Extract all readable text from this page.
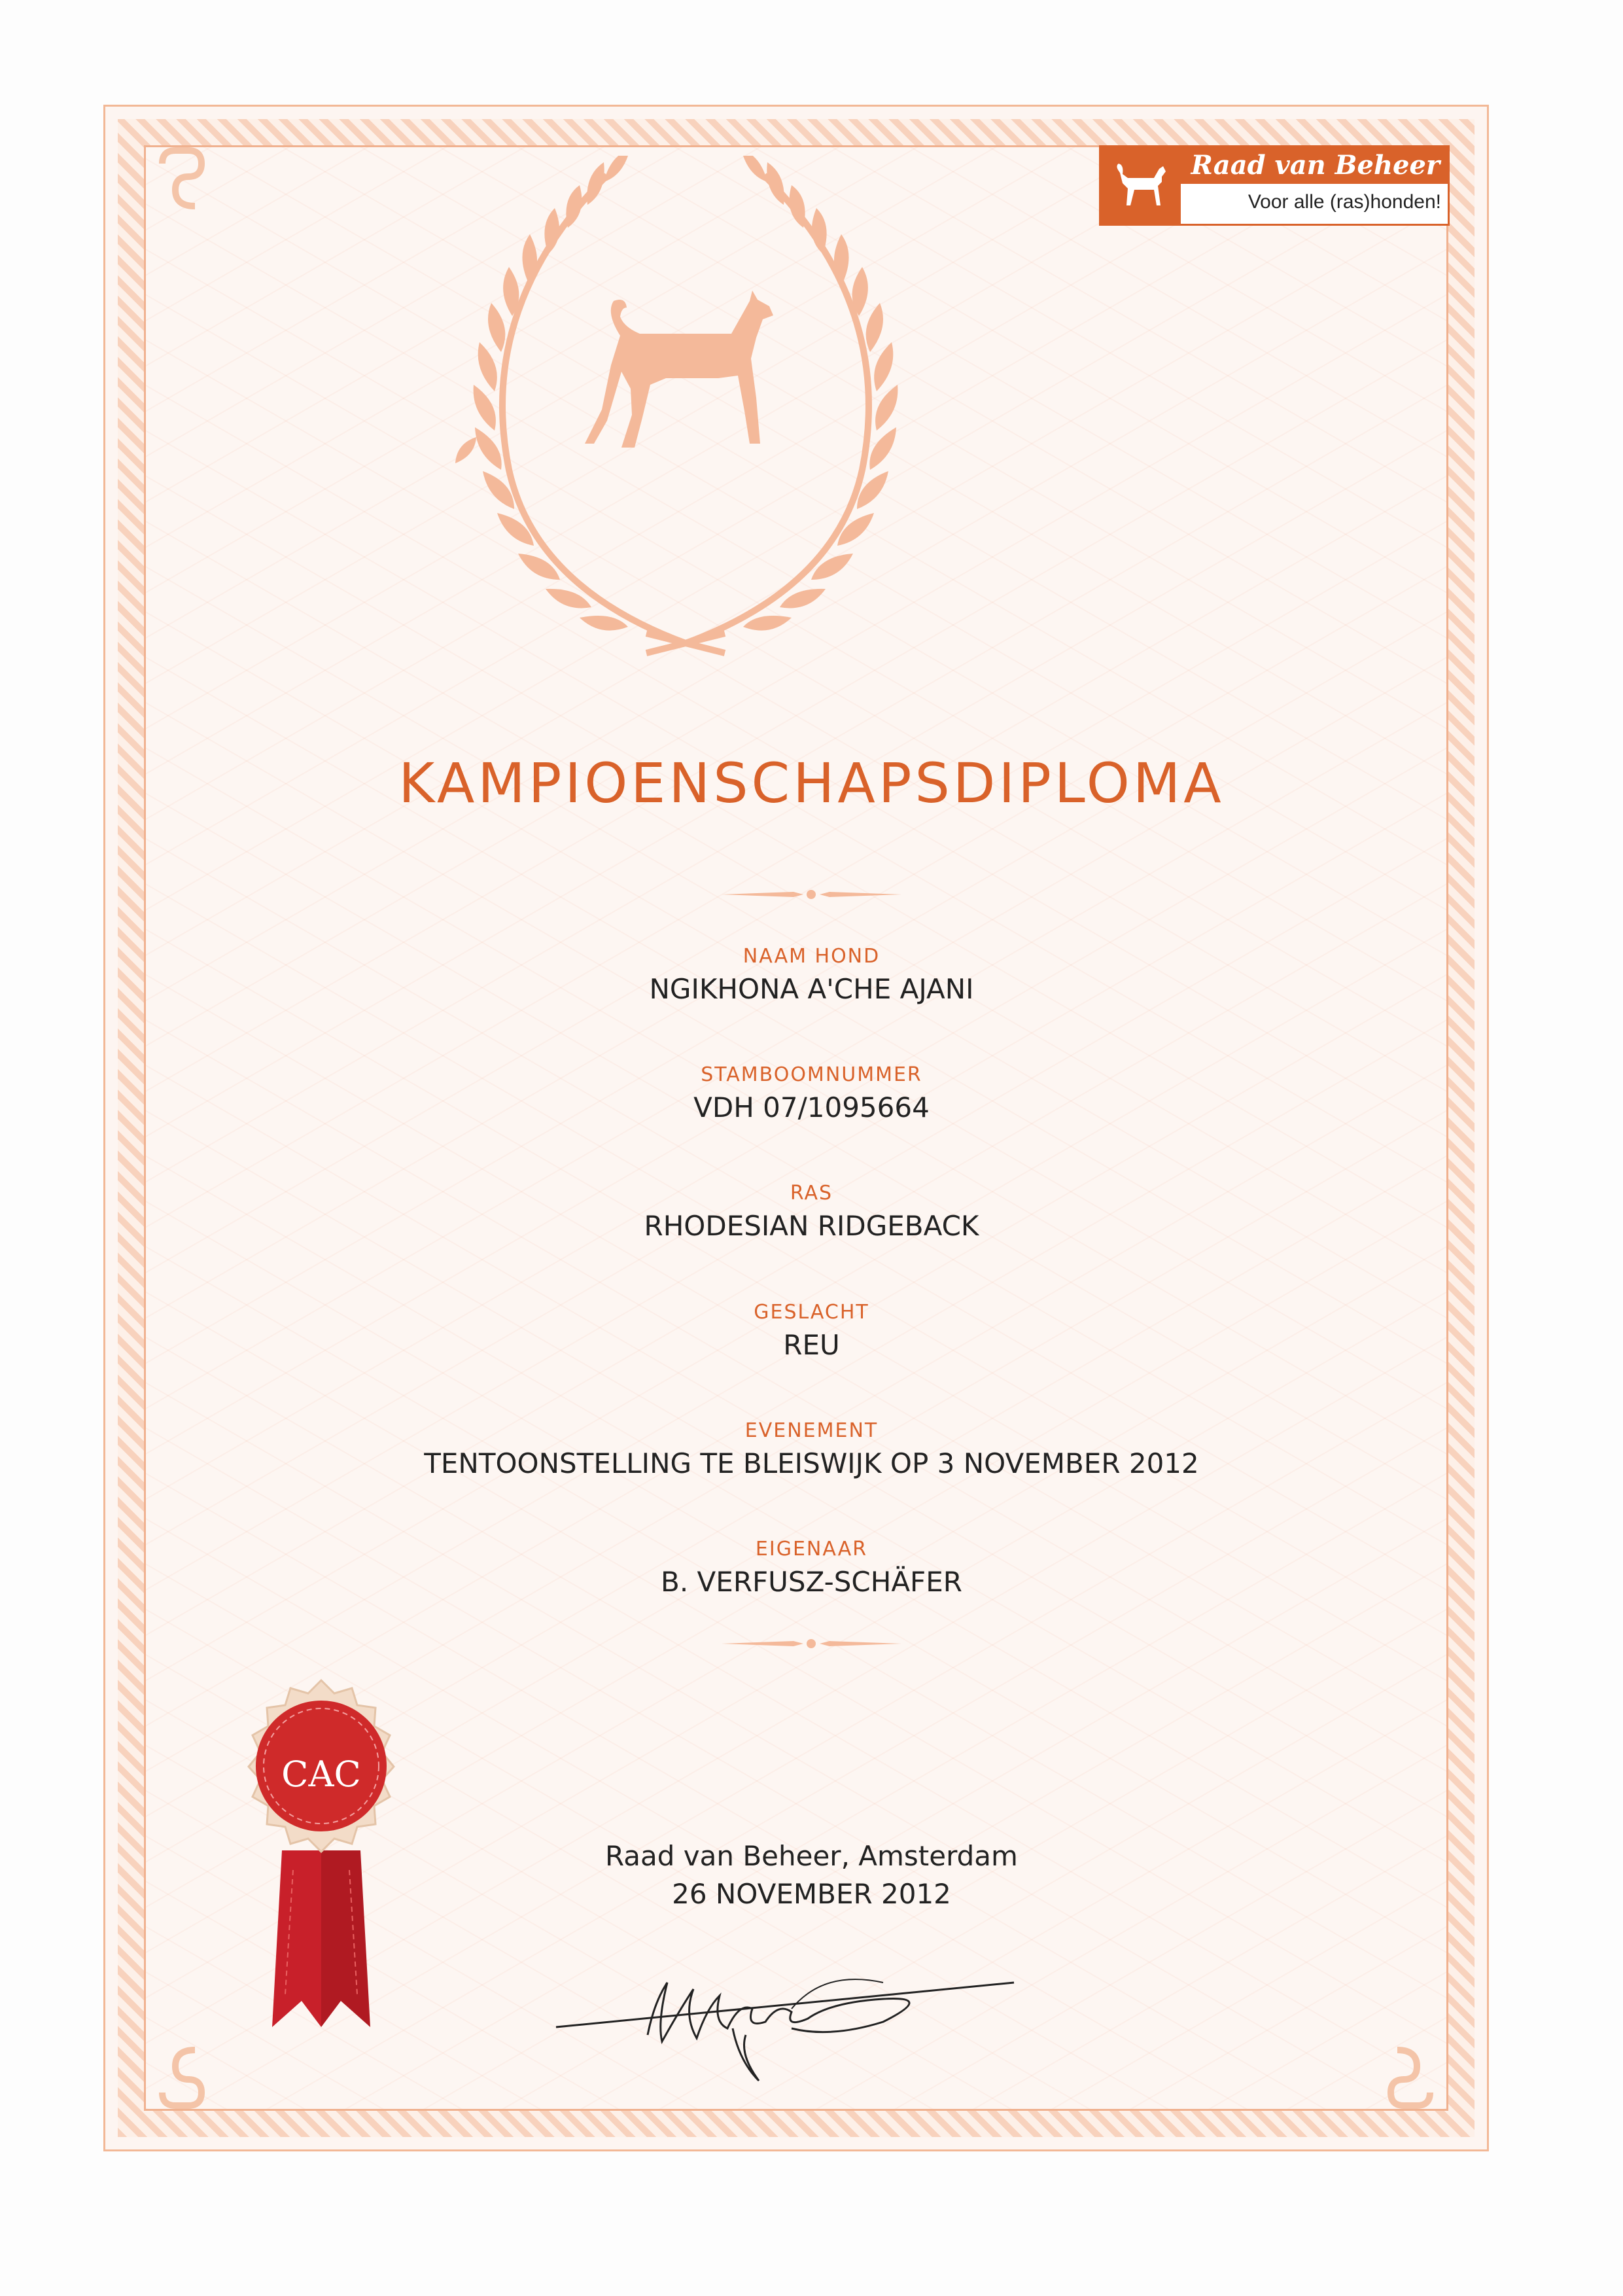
Raad van Beheer
Voor alle (ras)honden!
KAMPIOENSCHAPSDIPLOMA
NAAM HOND
NGIKHONA A'CHE AJANI
STAMBOOMNUMMER
VDH 07/1095664
RAS
RHODESIAN RIDGEBACK
GESLACHT
REU
EVENEMENT
TENTOONSTELLING TE BLEISWIJK OP 3 NOVEMBER 2012
EIGENAAR
B. VERFUSZ-SCHÄFER
CAC
Raad van Beheer, Amsterdam
26 NOVEMBER 2012
